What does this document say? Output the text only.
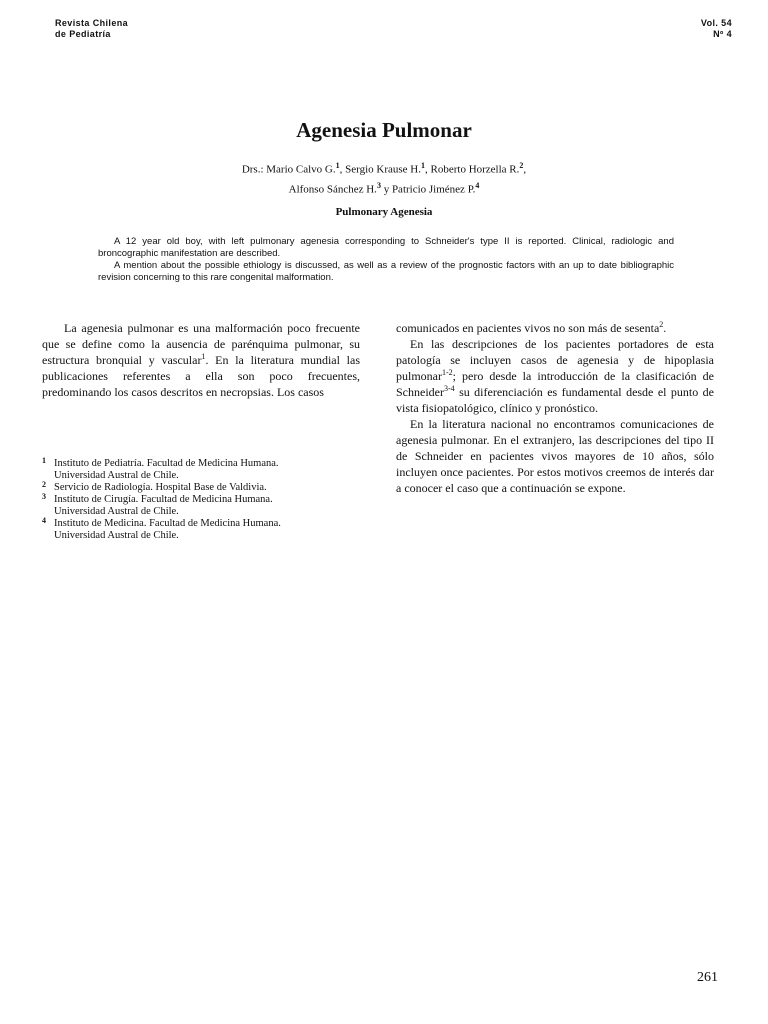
Revista Chilena
de Pediatría
Vol. 54
Nº 4
Agenesia Pulmonar
Drs.: Mario Calvo G.$^1$, Sergio Krause H.$^1$, Roberto Horzella R.$^2$,
Alfonso Sánchez H.$^3$ y Patricio Jiménez P.$^4$
Pulmonary Agenesia

A 12 year old boy, with left pulmonary agenesia corresponding to Schneider's type II is reported. Clinical, radiologic and broncographic manifestation are described.

A mention about the possible ethiology is discussed, as well as a review of the prognostic factors with an up to date bibliographic revision concerning to this rare congenital malformation.

La agenesia pulmonar es una malformación poco frecuente que se define como la ausencia de parénquima pulmonar, su estructura bronquial y vascular$^1$. En la literatura mundial las publicaciones referentes a ella son poco frecuentes, predominando los casos descritos en necropsias. Los casos

1 Instituto de Pediatría. Facultad de Medicina Humana.
Universidad Austral de Chile.
2 Servicio de Radiología. Hospital Base de Valdivia.
3 Instituto de Cirugía. Facultad de Medicina Humana.
Universidad Austral de Chile.
4 Instituto de Medicina. Facultad de Medicina Humana.
Universidad Austral de Chile.

comunicados en pacientes vivos no son más de sesenta$^2$.

En las descripciones de los pacientes portadores de esta patología se incluyen casos de agenesia y de hipoplasia pulmonar$^{1-2}$; pero desde la introducción de la clasificación de Schneider$^{3-4}$ su diferenciación es fundamental desde el punto de vista fisiopatológico, clínico y pronóstico.

En la literatura nacional no encontramos comunicaciones de agenesia pulmonar. En el extranjero, las descripciones del tipo II de Schneider en pacientes vivos mayores de 10 años, sólo incluyen once pacientes. Por estos motivos creemos de interés dar a conocer el caso que a continuación se expone.

261
